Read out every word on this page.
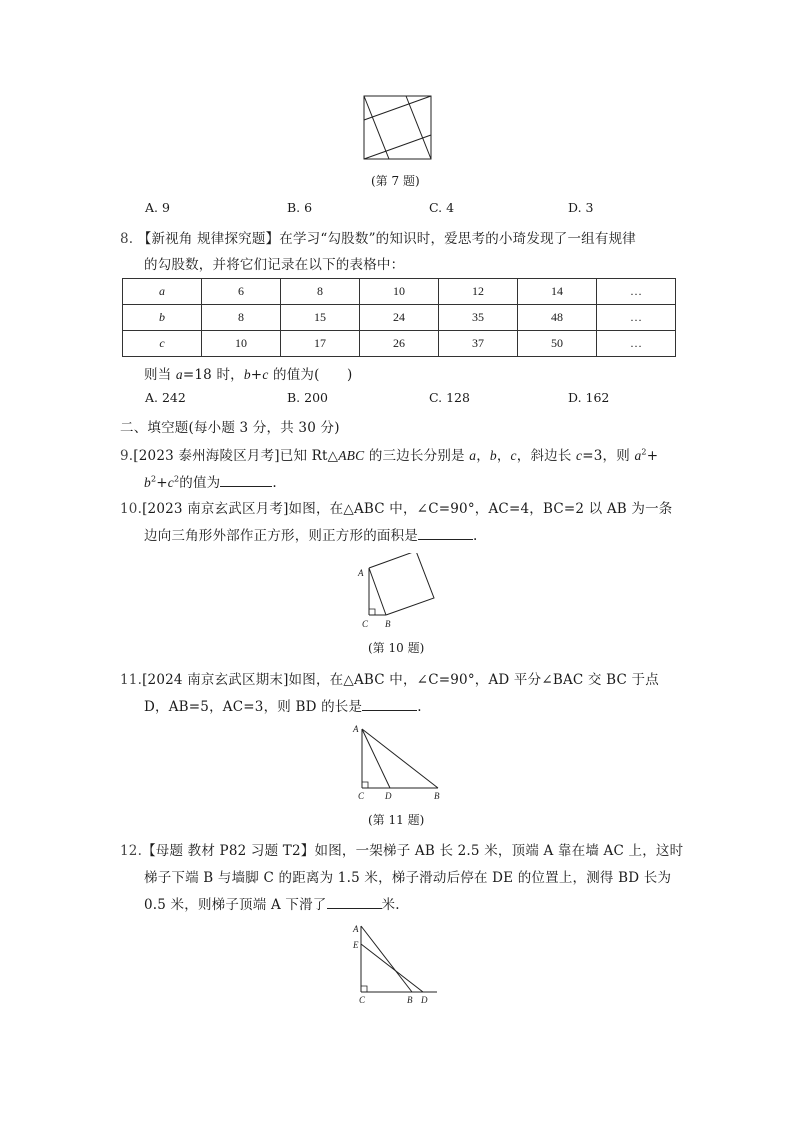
(第 7 题)
A. 9	B. 6	C. 4	D. 3
8. 【新视角 规律探究题】在学习“勾股数”的知识时，爱思考的小琦发现了一组有规律
的勾股数，并将它们记录在以下的表格中：
a	6	8	10	12	14	…
b	8	15	24	35	48	…
c	10	17	26	37	50	…
则当 a=18 时，b+c 的值为(　　)
A. 242	B. 200	C. 128	D. 162
二、填空题(每小题 3 分，共 30 分)
9.[2023 泰州海陵区月考]已知 Rt△ABC 的三边长分别是 a，b，c，斜边长 c=3，则 $a^2+$
$b^2+c^2$的值为	.
10.[2023 南京玄武区月考]如图，在△ABC 中，∠C=90°，AC=4，BC=2 以 AB 为一条
边向三角形外部作正方形，则正方形的面积是	.
A
C B
(第 10 题)
11.[2024 南京玄武区期末]如图，在△ABC 中，∠C=90°，AD 平分∠BAC 交 BC 于点
D，AB=5，AC=3，则 BD 的长是	.
A
C D	B
(第 11 题)
12.【母题 教材 P82 习题 T2】如图，一架梯子 AB 长 2.5 米，顶端 A 靠在墙 AC 上，这时
梯子下端 B 与墙脚 C 的距离为 1.5 米，梯子滑动后停在 DE 的位置上，测得 BD 长为
0.5 米，则梯子顶端 A 下滑了	米.
A
E
C	B D
